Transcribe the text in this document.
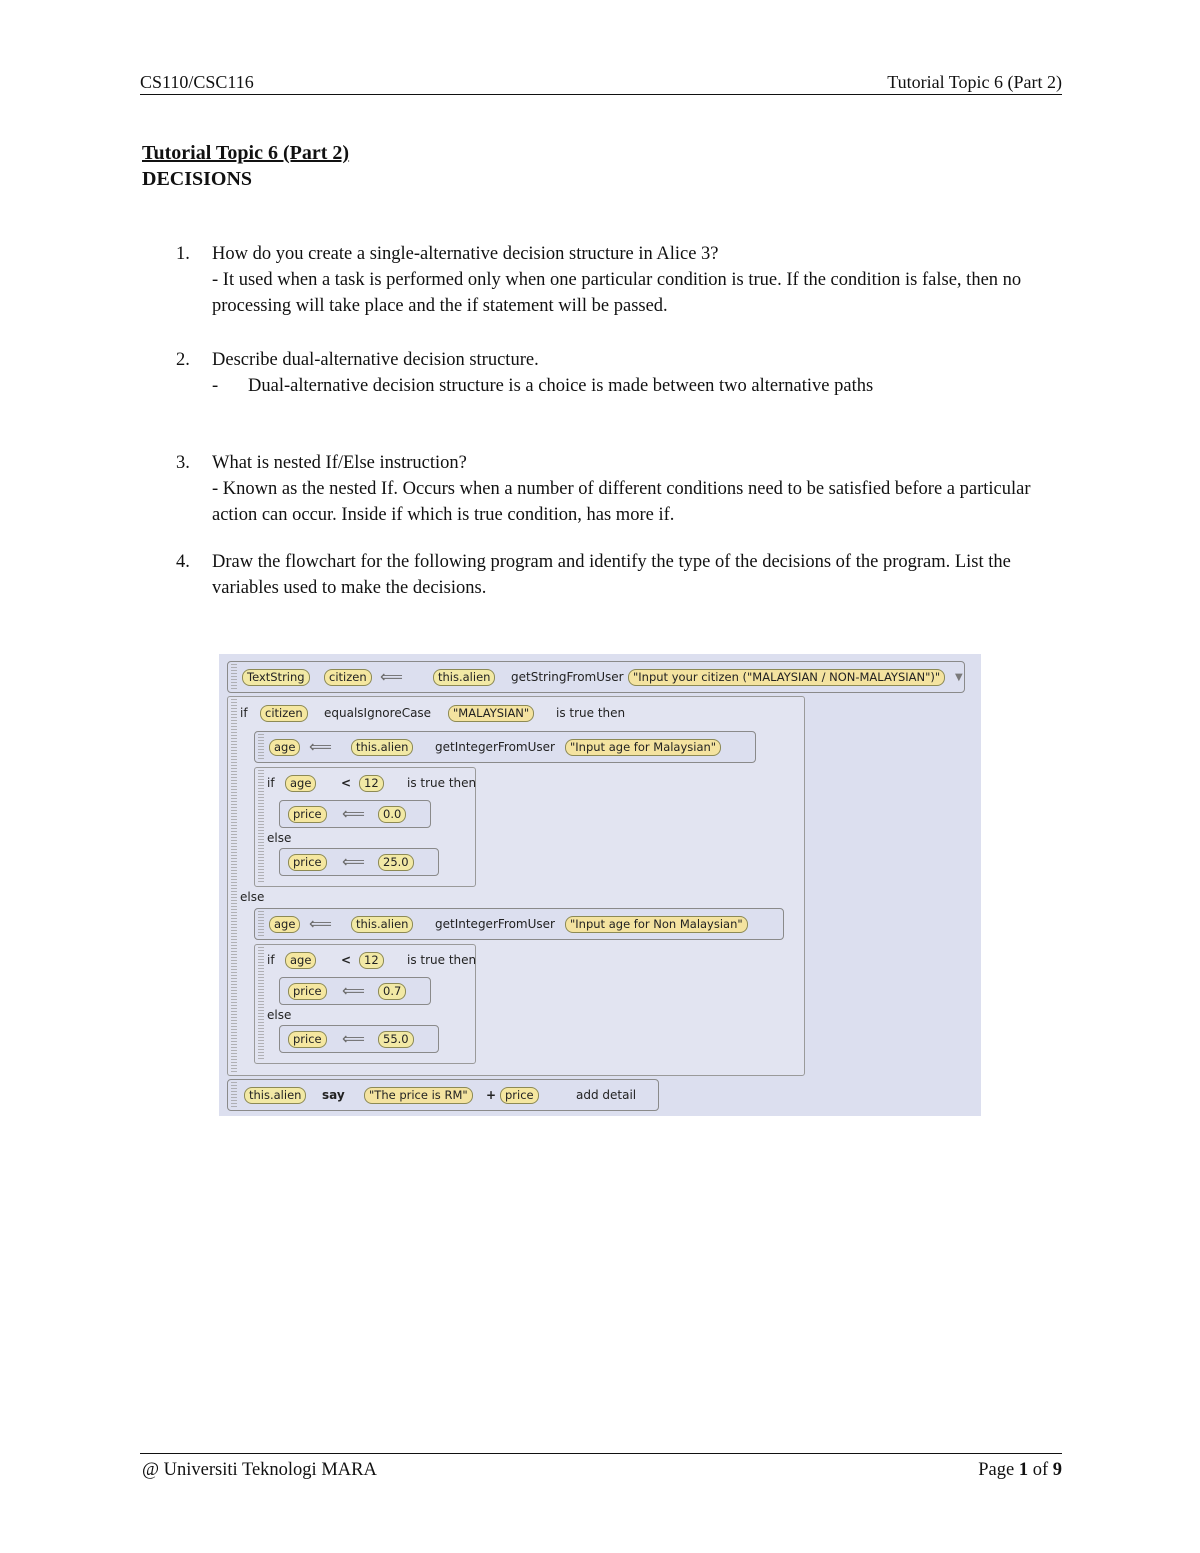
CS110/CSC116	Tutorial Topic 6 (Part 2)
Tutorial Topic 6 (Part 2)
DECISIONS
1. How do you create a single-alternative decision structure in Alice 3?
- It used when a task is performed only when one particular condition is true. If the condition is false, then no processing will take place and the if statement will be passed.
2. Describe dual-alternative decision structure.
- Dual-alternative decision structure is a choice is made between two alternative paths
3. What is nested If/Else instruction?
- Known as the nested If. Occurs when a number of different conditions need to be satisfied before a particular action can occur. Inside if which is true condition, has more if.
4. Draw the flowchart for the following program and identify the type of the decisions of the program. List the variables used to make the decisions.
TextString	citizen ⟸	this.alien	getStringFromUser "Input your citizen ("MALAYSIAN / NON-MALAYSIAN")"	▼
if	citizen	equalsIgnoreCase	"MALAYSIAN"	is true then
age ⟸	this.alien	getIntegerFromUser	"Input age for Malaysian"
if	age	<	12	is true then
price	⟸	0.0
else
price	⟸	25.0
else
age ⟸	this.alien	getIntegerFromUser	"Input age for Non Malaysian"
if	age	<	12	is true then
price	⟸	0.7
else
price	⟸	55.0
this.alien	say	"The price is RM"	+ price	add detail
@ Universiti Teknologi MARA	Page 1 of 9
